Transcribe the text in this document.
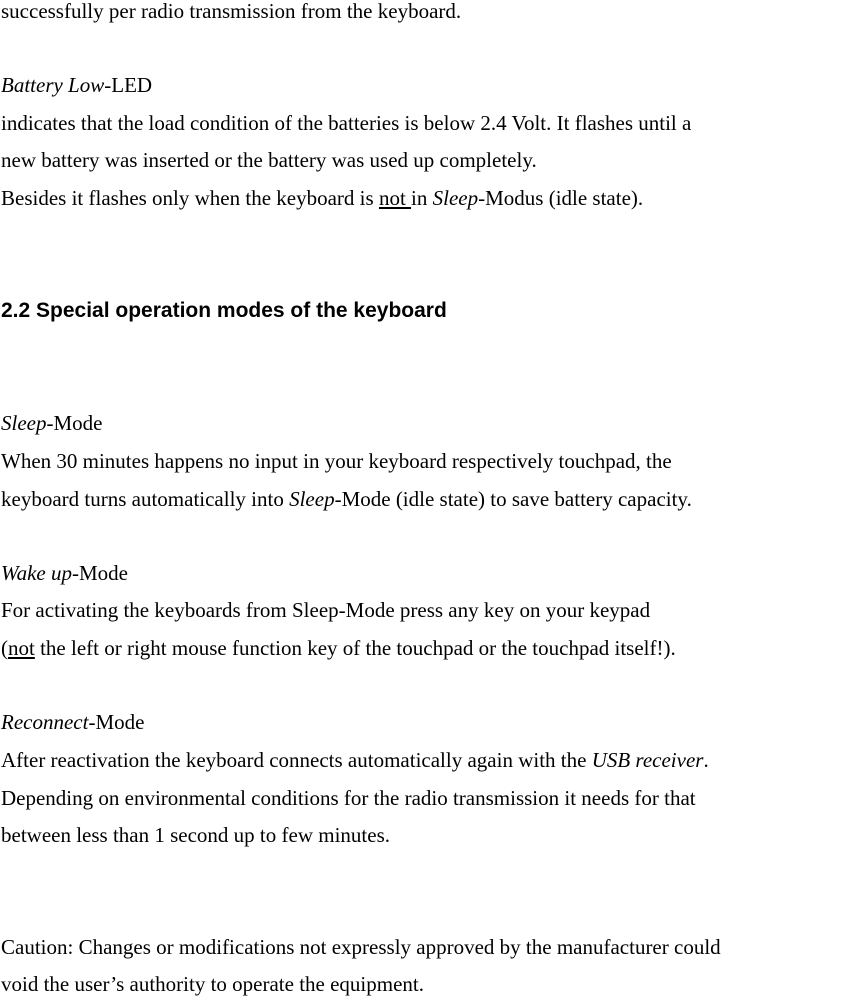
successfully per radio transmission from the keyboard.
Battery Low-LED
indicates that the load condition of the batteries is below 2.4 Volt. It flashes until a
new battery was inserted or the battery was used up completely.
Besides it flashes only when the keyboard is not in Sleep-Modus (idle state).
2.2 Special operation modes of the keyboard
Sleep-Mode
When 30 minutes happens no input in your keyboard respectively touchpad, the
keyboard turns automatically into Sleep-Mode (idle state) to save battery capacity.
Wake up-Mode
For activating the keyboards from Sleep-Mode press any key on your keypad
(not the left or right mouse function key of the touchpad or the touchpad itself!).
Reconnect-Mode
After reactivation the keyboard connects automatically again with the USB receiver.
Depending on environmental conditions for the radio transmission it needs for that
between less than 1 second up to few minutes.
Caution: Changes or modifications not expressly approved by the manufacturer could
void the user’s authority to operate the equipment.
